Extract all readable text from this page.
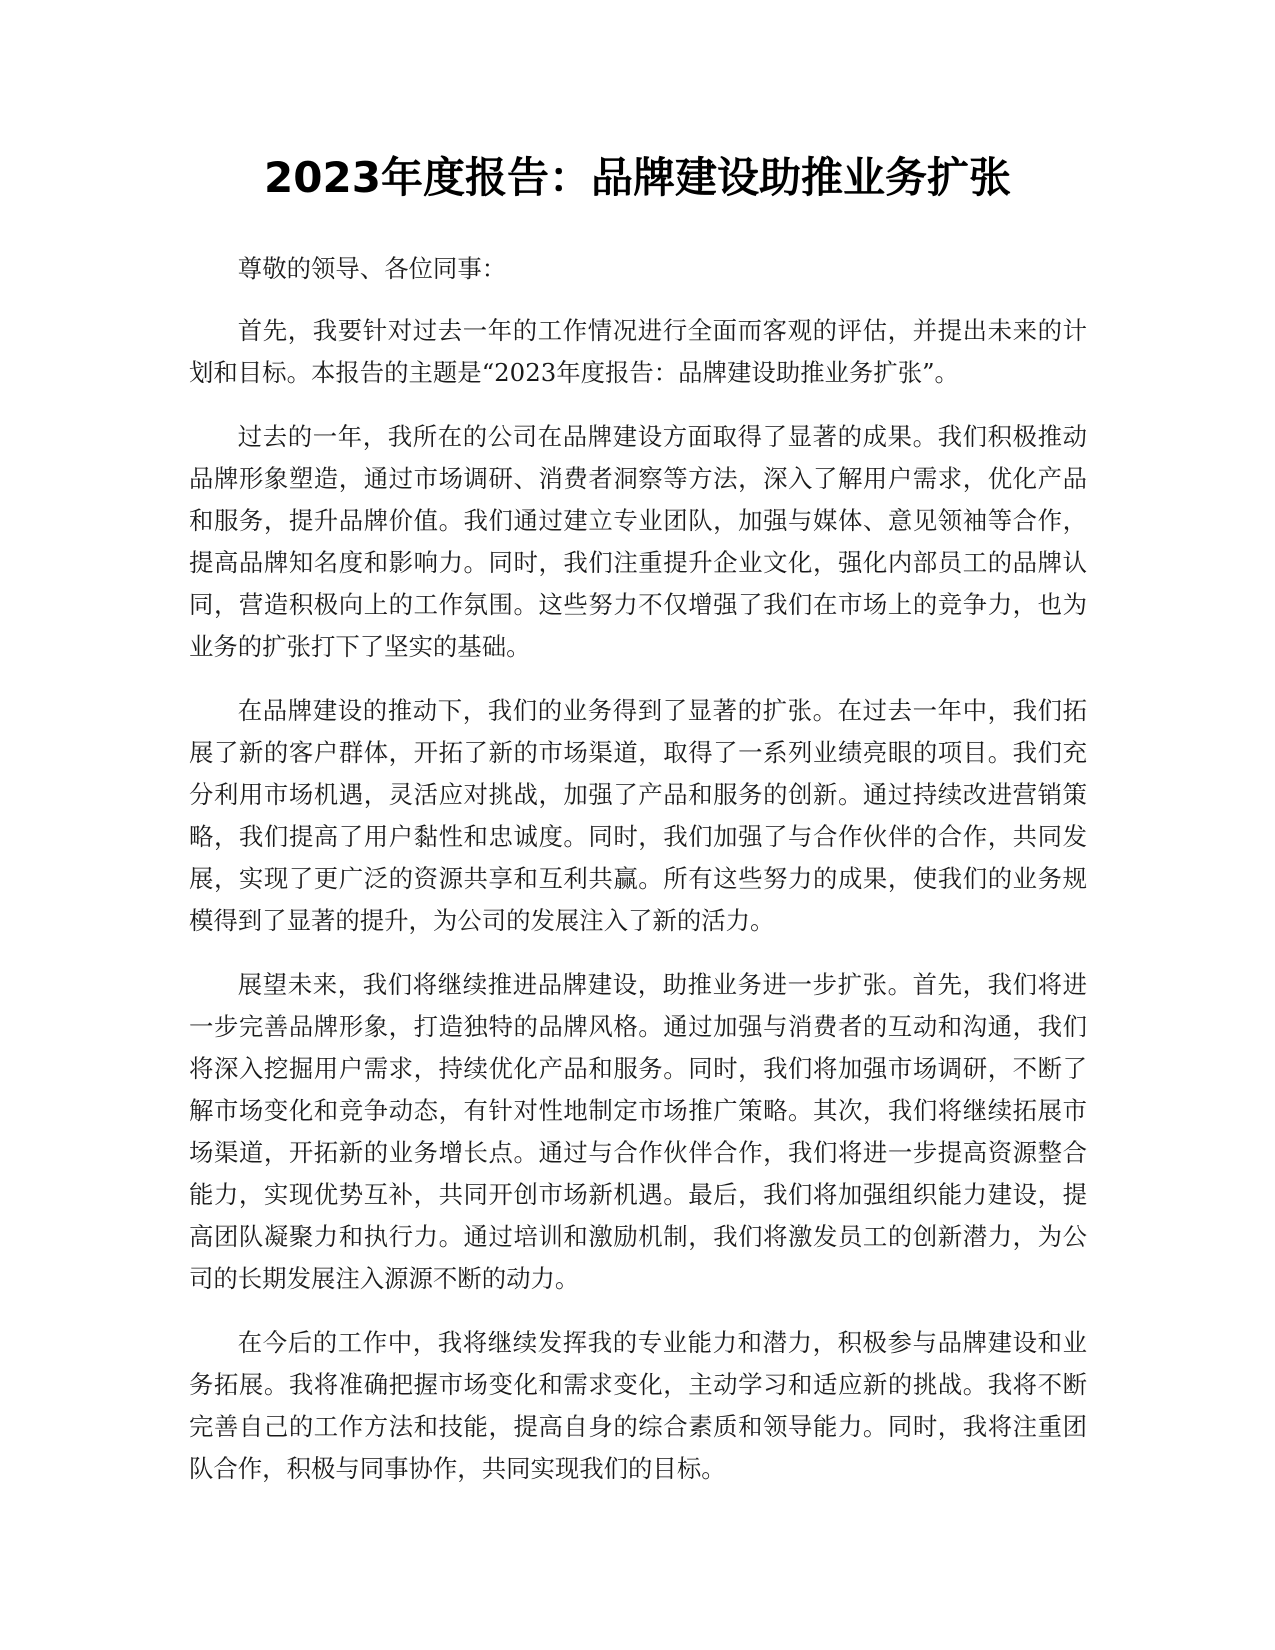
2023年度报告：品牌建设助推业务扩张

尊敬的领导、各位同事：

首先，我要针对过去一年的工作情况进行全面而客观的评估，并提出未来的计划和目标。本报告的主题是“2023年度报告：品牌建设助推业务扩张”。

过去的一年，我所在的公司在品牌建设方面取得了显著的成果。我们积极推动品牌形象塑造，通过市场调研、消费者洞察等方法，深入了解用户需求，优化产品和服务，提升品牌价值。我们通过建立专业团队，加强与媒体、意见领袖等合作，提高品牌知名度和影响力。同时，我们注重提升企业文化，强化内部员工的品牌认同，营造积极向上的工作氛围。这些努力不仅增强了我们在市场上的竞争力，也为业务的扩张打下了坚实的基础。

在品牌建设的推动下，我们的业务得到了显著的扩张。在过去一年中，我们拓展了新的客户群体，开拓了新的市场渠道，取得了一系列业绩亮眼的项目。我们充分利用市场机遇，灵活应对挑战，加强了产品和服务的创新。通过持续改进营销策略，我们提高了用户黏性和忠诚度。同时，我们加强了与合作伙伴的合作，共同发展，实现了更广泛的资源共享和互利共赢。所有这些努力的成果，使我们的业务规模得到了显著的提升，为公司的发展注入了新的活力。

展望未来，我们将继续推进品牌建设，助推业务进一步扩张。首先，我们将进一步完善品牌形象，打造独特的品牌风格。通过加强与消费者的互动和沟通，我们将深入挖掘用户需求，持续优化产品和服务。同时，我们将加强市场调研，不断了解市场变化和竞争动态，有针对性地制定市场推广策略。其次，我们将继续拓展市场渠道，开拓新的业务增长点。通过与合作伙伴合作，我们将进一步提高资源整合能力，实现优势互补，共同开创市场新机遇。最后，我们将加强组织能力建设，提高团队凝聚力和执行力。通过培训和激励机制，我们将激发员工的创新潜力，为公司的长期发展注入源源不断的动力。

在今后的工作中，我将继续发挥我的专业能力和潜力，积极参与品牌建设和业务拓展。我将准确把握市场变化和需求变化，主动学习和适应新的挑战。我将不断完善自己的工作方法和技能，提高自身的综合素质和领导能力。同时，我将注重团队合作，积极与同事协作，共同实现我们的目标。
